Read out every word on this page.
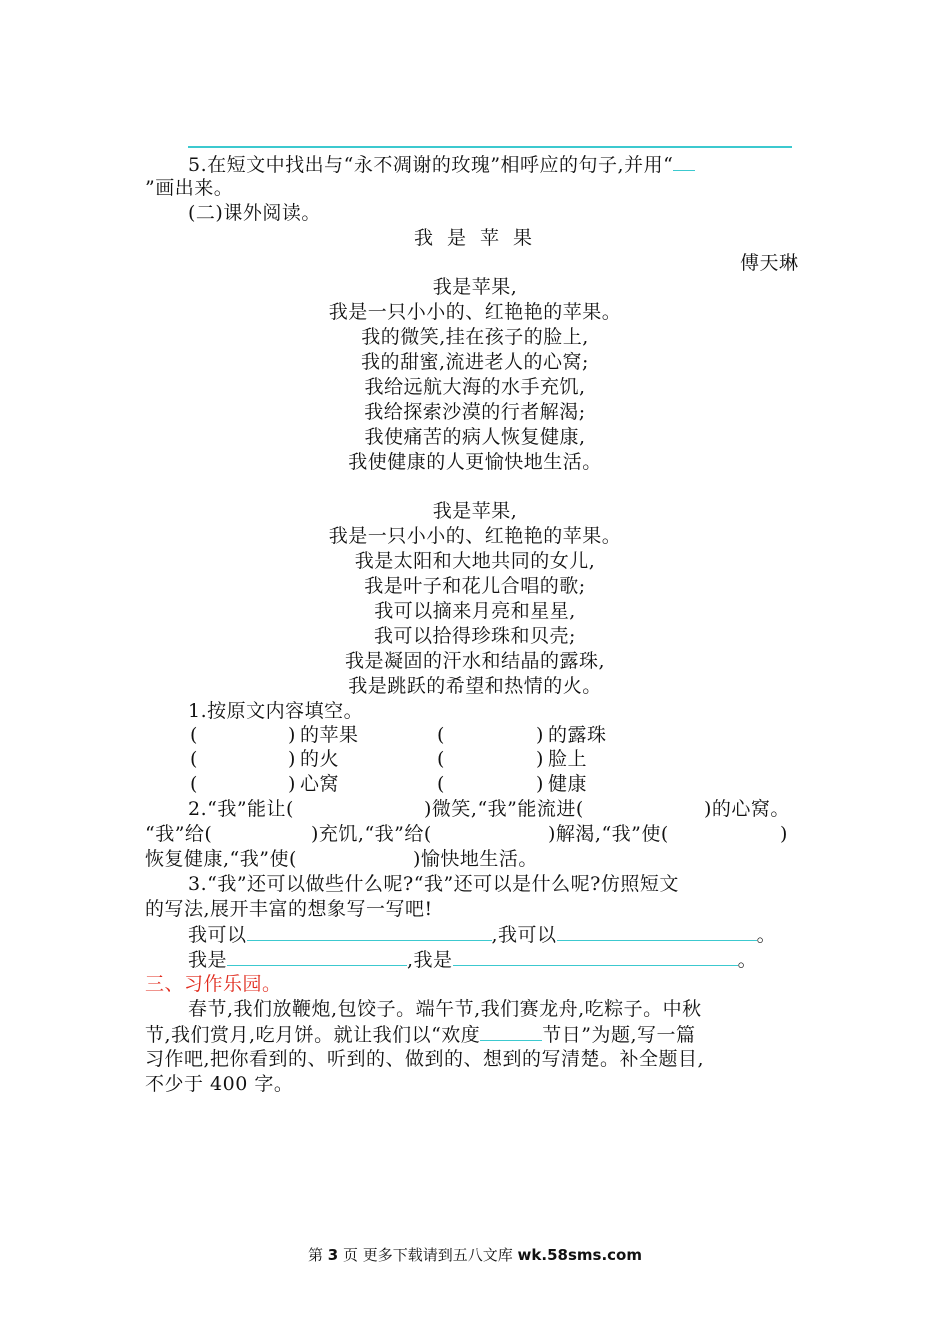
5.在短文中找出与“永不凋谢的玫瑰”相呼应的句子,并用“
”画出来。
(二)课外阅读。
我 是 苹 果
傅天琳
我是苹果,
我是一只小小的、红艳艳的苹果。
我的微笑,挂在孩子的脸上,
我的甜蜜,流进老人的心窝;
我给远航大海的水手充饥,
我给探索沙漠的行者解渴;
我使痛苦的病人恢复健康,
我使健康的人更愉快地生活。
我是苹果,
我是一只小小的、红艳艳的苹果。
我是太阳和大地共同的女儿,
我是叶子和花儿合唱的歌;
我可以摘来月亮和星星,
我可以拾得珍珠和贝壳;
我是凝固的汗水和结晶的露珠,
我是跳跃的希望和热情的火。
1.按原文内容填空。
(	) 的苹果	(	) 的露珠
(	) 的火	(	) 脸上
(	) 心窝	(	) 健康
2.“我”能让(	)微笑,“我”能流进(	)的心窝。
“我”给(	)充饥,“我”给(	)解渴,“我”使(	)
恢复健康,“我”使(	)愉快地生活。
3.“我”还可以做些什么呢?“我”还可以是什么呢?仿照短文
的写法,展开丰富的想象写一写吧!
我可以	,我可以	。
我是	,我是	。
三、习作乐园。
春节,我们放鞭炮,包饺子。端午节,我们赛龙舟,吃粽子。中秋
节,我们赏月,吃月饼。就让我们以“欢度	节日”为题,写一篇
习作吧,把你看到的、听到的、做到的、想到的写清楚。补全题目,
不少于 400 字。
第 3 页 更多下载请到五八文库 wk.58sms.com
